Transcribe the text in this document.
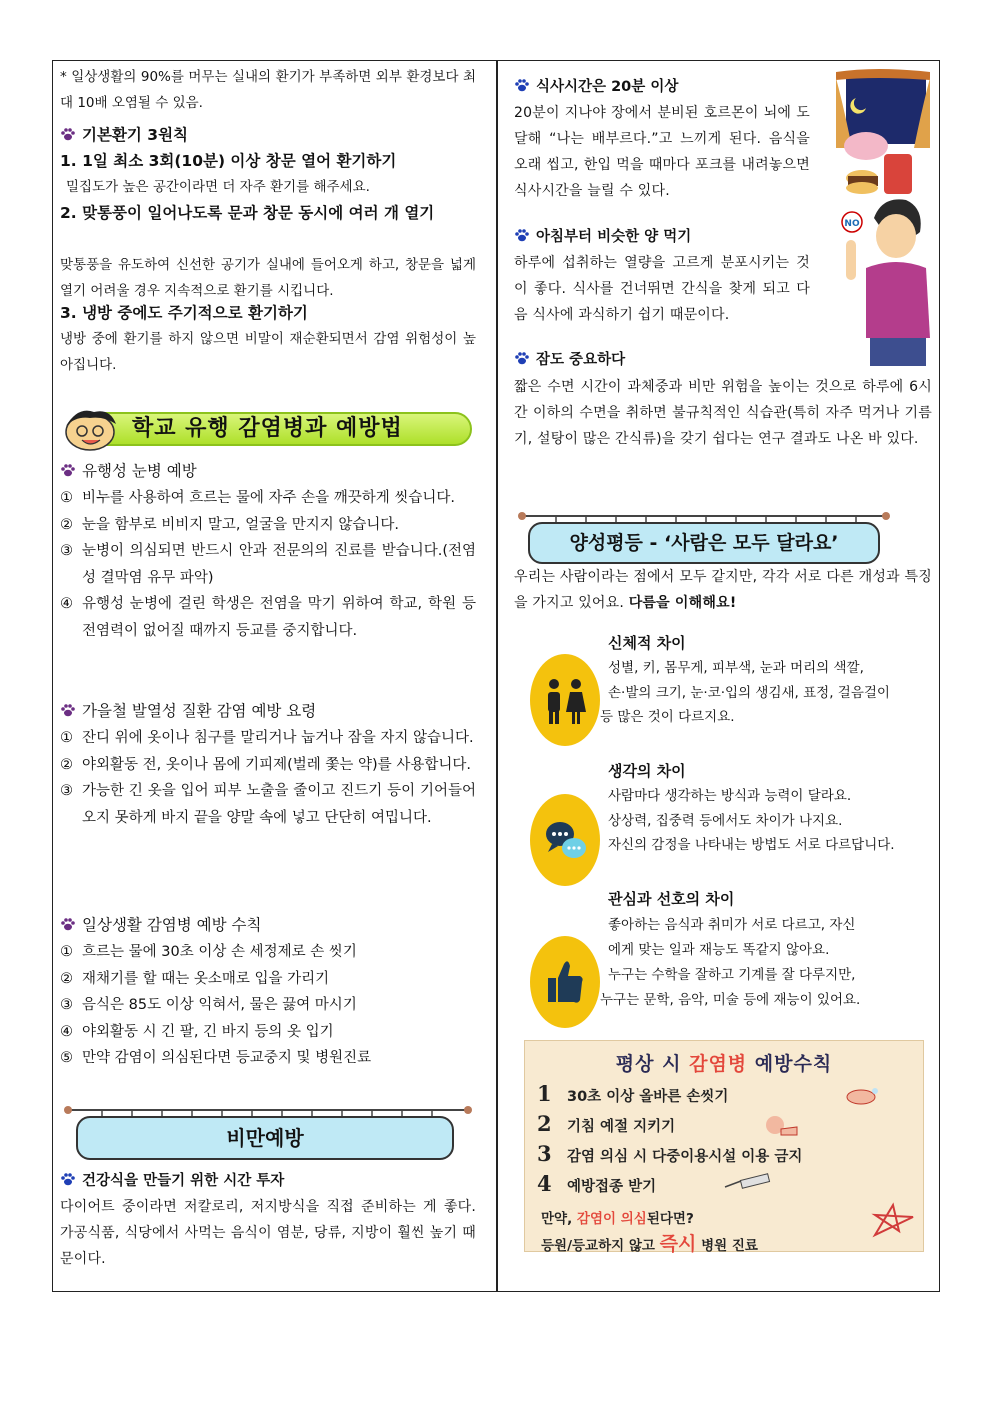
* 일상생활의 90%를 머무는 실내의 환기가 부족하면 외부 환경보다 최대 10배 오염될 수 있음.
기본환기 3원칙
1. 1일 최소 3회(10분) 이상 창문 열어 환기하기
밀집도가 높은 공간이라면 더 자주 환기를 해주세요.
2. 맞통풍이 일어나도록 문과 창문 동시에 여러 개 열기
맞통풍을 유도하여 신선한 공기가 실내에 들어오게 하고, 창문을 넓게 열기 어려울 경우 지속적으로 환기를 시킵니다.
3. 냉방 중에도 주기적으로 환기하기
냉방 중에 환기를 하지 않으면 비말이 재순환되면서 감염 위험성이 높아집니다.
학교 유행 감염병과 예방법
유행성 눈병 예방
① 비누를 사용하여 흐르는 물에 자주 손을 깨끗하게 씻습니다.
② 눈을 함부로 비비지 말고, 얼굴을 만지지 않습니다.
③ 눈병이 의심되면 반드시 안과 전문의의 진료를 받습니다.(전염성 결막염 유무 파악)
④ 유행성 눈병에 걸린 학생은 전염을 막기 위하여 학교, 학원 등 전염력이 없어질 때까지 등교를 중지합니다.
가을철 발열성 질환 감염 예방 요령
① 잔디 위에 옷이나 침구를 말리거나 눕거나 잠을 자지 않습니다.
② 야외활동 전, 옷이나 몸에 기피제(벌레 쫓는 약)를 사용합니다.
③ 가능한 긴 옷을 입어 피부 노출을 줄이고 진드기 등이 기어들어 오지 못하게 바지 끝을 양말 속에 넣고 단단히 여밉니다.
일상생활 감염병 예방 수칙
① 흐르는 물에 30초 이상 손 세정제로 손 씻기
② 재채기를 할 때는 옷소매로 입을 가리기
③ 음식은 85도 이상 익혀서, 물은 끓여 마시기
④ 야외활동 시 긴 팔, 긴 바지 등의 옷 입기
⑤ 만약 감염이 의심된다면 등교중지 및 병원진료
비만예방
건강식을 만들기 위한 시간 투자
다이어트 중이라면 저칼로리, 저지방식을 직접 준비하는 게 좋다. 가공식품, 식당에서 사먹는 음식이 염분, 당류, 지방이 훨씬 높기 때문이다.
식사시간은 20분 이상
20분이 지나야 장에서 분비된 호르몬이 뇌에 도달해 “나는 배부르다.”고 느끼게 된다. 음식을 오래 씹고, 한입 먹을 때마다 포크를 내려놓으면 식사시간을 늘릴 수 있다.
아침부터 비슷한 양 먹기
하루에 섭취하는 열량을 고르게 분포시키는 것이 좋다. 식사를 건너뛰면 간식을 찾게 되고 다음 식사에 과식하기 쉽기 때문이다.
NO
잠도 중요하다
짧은 수면 시간이 과체중과 비만 위험을 높이는 것으로 하루에 6시간 이하의 수면을 취하면 불규칙적인 식습관(특히 자주 먹거나 기름기, 설탕이 많은 간식류)을 갖기 쉽다는 연구 결과도 나온 바 있다.
양성평등 - ‘사람은 모두 달라요’
우리는 사람이라는 점에서 모두 같지만, 각각 서로 다른 개성과 특징을 가지고 있어요. 다름을 이해해요!
신체적 차이
성별, 키, 몸무게, 피부색, 눈과 머리의 색깔,
손·발의 크기, 눈·코·입의 생김새, 표정, 걸음걸이
등 많은 것이 다르지요.
생각의 차이
사람마다 생각하는 방식과 능력이 달라요.
상상력, 집중력 등에서도 차이가 나지요.
자신의 감정을 나타내는 방법도 서로 다르답니다.
관심과 선호의 차이
좋아하는 음식과 취미가 서로 다르고, 자신
에게 맞는 일과 재능도 똑같지 않아요.
누구는 수학을 잘하고 기계를 잘 다루지만,
누구는 문학, 음악, 미술 등에 재능이 있어요.
평상 시 감염병 예방수칙
1 30초 이상 올바른 손씻기
2 기침 예절 지키기
3 감염 의심 시 다중이용시설 이용 금지
4 예방접종 받기
만약, 감염이 의심된다면?
등원/등교하지 않고 즉시 병원 진료
